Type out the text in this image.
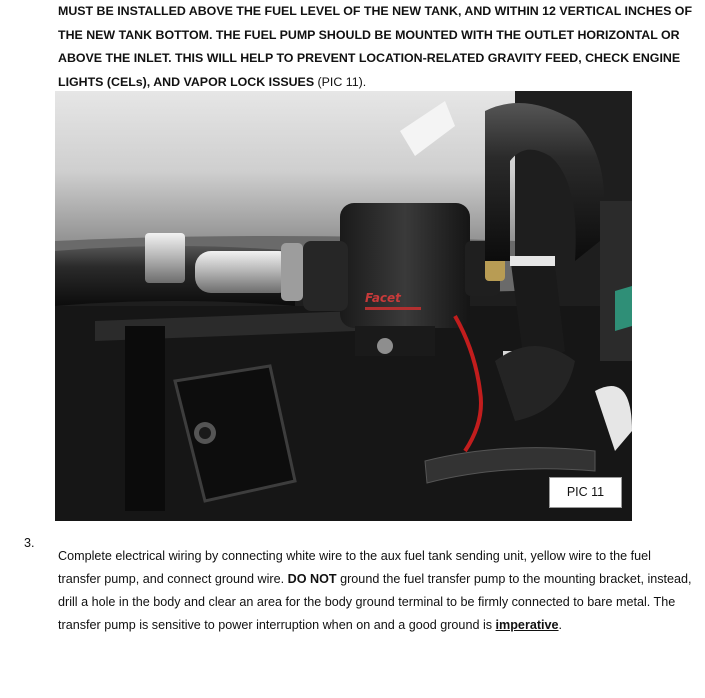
MUST BE INSTALLED ABOVE THE FUEL LEVEL OF THE NEW TANK, AND WITHIN 12 VERTICAL INCHES OF THE NEW TANK BOTTOM. THE FUEL PUMP SHOULD BE MOUNTED WITH THE OUTLET HORIZONTAL OR ABOVE THE INLET. THIS WILL HELP TO PREVENT LOCATION-RELATED GRAVITY FEED, CHECK ENGINE LIGHTS (CELs), AND VAPOR LOCK ISSUES (PIC 11).

Facet
PIC 11
3.

Complete electrical wiring by connecting white wire to the aux fuel tank sending unit, yellow wire to the fuel transfer pump, and connect ground wire. DO NOT ground the fuel transfer pump to the mounting bracket, instead, drill a hole in the body and clear an area for the body ground terminal to be firmly connected to bare metal. The transfer pump is sensitive to power interruption when on and a good ground is imperative.
